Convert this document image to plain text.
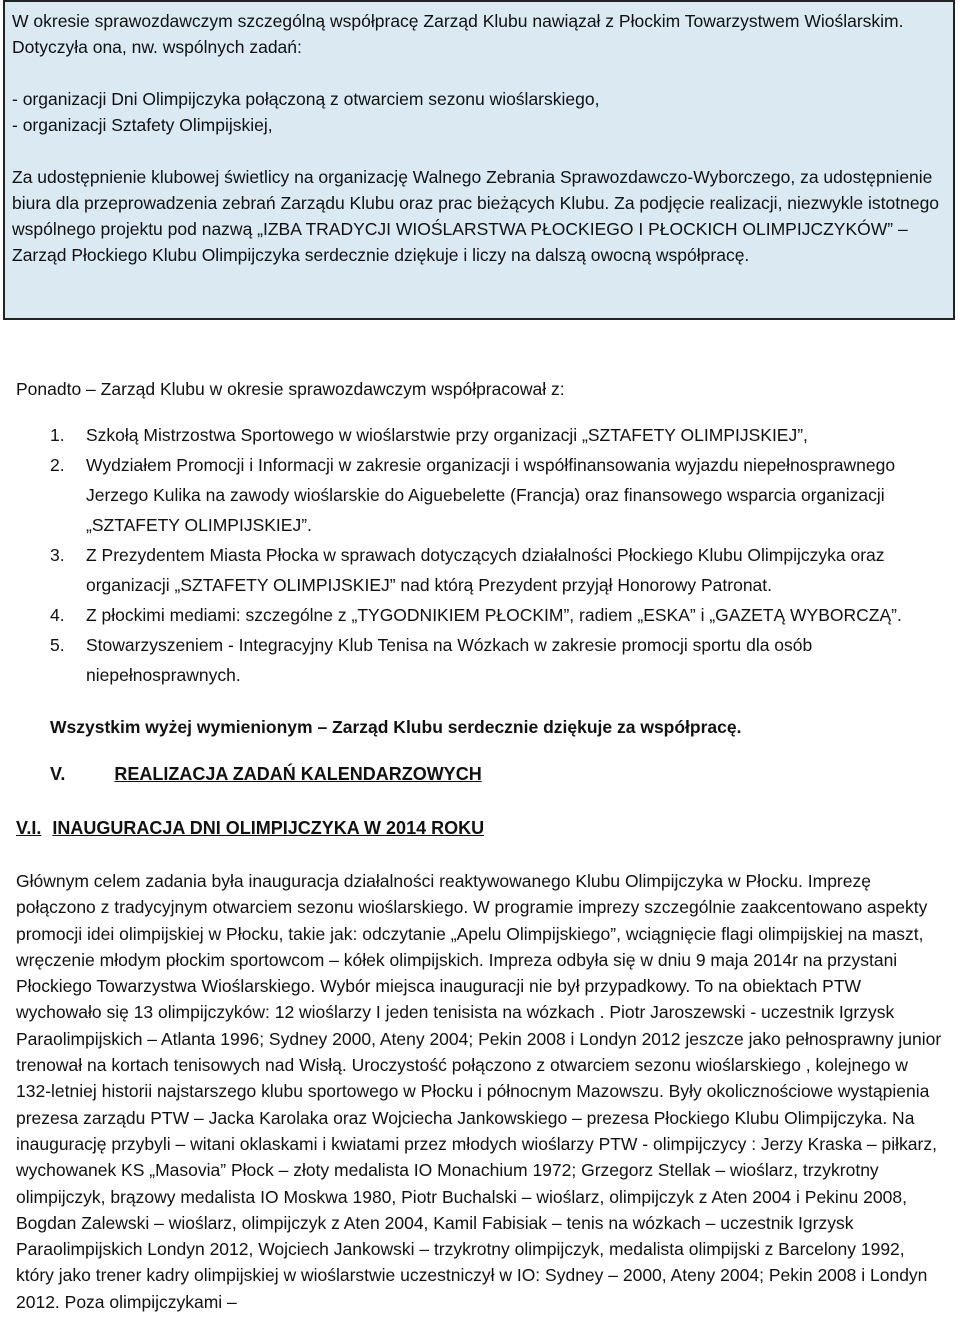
W okresie sprawozdawczym szczególną współpracę Zarząd Klubu nawiązał z Płockim Towarzystwem Wioślarskim. Dotyczyła ona, nw. wspólnych zadań:

- organizacji Dni Olimpijczyka połączoną z otwarciem sezonu wioślarskiego,

- organizacji Sztafety Olimpijskiej,

Za udostępnienie klubowej świetlicy na organizację Walnego Zebrania Sprawozdawczo-Wyborczego, za udostępnienie biura dla przeprowadzenia zebrań Zarządu Klubu oraz prac bieżących Klubu. Za podjęcie realizacji, niezwykle istotnego wspólnego projektu pod nazwą „IZBA TRADYCJI WIOŚLARSTWA PŁOCKIEGO I PŁOCKICH OLIMPIJCZYKÓW” – Zarząd Płockiego Klubu Olimpijczyka serdecznie dziękuje i liczy na dalszą owocną współpracę.

Ponadto – Zarząd Klubu w okresie sprawozdawczym współpracował z:

1.	Szkołą Mistrzostwa Sportowego w wioślarstwie przy organizacji „SZTAFETY OLIMPIJSKIEJ”,
2.	Wydziałem Promocji i Informacji w zakresie organizacji i współfinansowania wyjazdu niepełnosprawnego Jerzego Kulika na zawody wioślarskie do Aiguebelette (Francja) oraz finansowego wsparcia organizacji „SZTAFETY OLIMPIJSKIEJ”.
3.	Z Prezydentem Miasta Płocka w sprawach dotyczących działalności Płockiego Klubu Olimpijczyka oraz organizacji „SZTAFETY OLIMPIJSKIEJ” nad którą Prezydent przyjął Honorowy Patronat.
4.	Z płockimi mediami: szczególne z „TYGODNIKIEM PŁOCKIM”, radiem „ESKA” i „GAZETĄ WYBORCZĄ”.
5.	Stowarzyszeniem - Integracyjny Klub Tenisa na Wózkach w zakresie promocji sportu dla osób niepełnosprawnych.

Wszystkim wyżej wymienionym – Zarząd Klubu serdecznie dziękuje za współpracę.

V.	REALIZACJA ZADAŃ KALENDARZOWYCH
V.I. INAUGURACJA DNI OLIMPIJCZYKA W 2014 ROKU

Głównym celem zadania była inauguracja działalności reaktywowanego Klubu Olimpijczyka w Płocku. Imprezę połączono z tradycyjnym otwarciem sezonu wioślarskiego. W programie imprezy szczególnie zaakcentowano aspekty promocji idei olimpijskiej w Płocku, takie jak: odczytanie „Apelu Olimpijskiego”, wciągnięcie flagi olimpijskiej na maszt, wręczenie młodym płockim sportowcom – kółek olimpijskich. Impreza odbyła się w dniu 9 maja 2014r na przystani Płockiego Towarzystwa Wioślarskiego. Wybór miejsca inauguracji nie był przypadkowy. To na obiektach PTW wychowało się 13 olimpijczyków: 12 wioślarzy I jeden tenisista na wózkach . Piotr Jaroszewski - uczestnik Igrzysk Paraolimpijskich – Atlanta 1996; Sydney 2000, Ateny 2004; Pekin 2008 i Londyn 2012 jeszcze jako pełnosprawny junior trenował na kortach tenisowych nad Wisłą. Uroczystość połączono z otwarciem sezonu wioślarskiego , kolejnego w 132-letniej historii najstarszego klubu sportowego w Płocku i północnym Mazowszu. Były okolicznościowe wystąpienia prezesa zarządu PTW – Jacka Karolaka oraz Wojciecha Jankowskiego – prezesa Płockiego Klubu Olimpijczyka. Na inaugurację przybyli – witani oklaskami i kwiatami przez młodych wioślarzy PTW - olimpijczycy : Jerzy Kraska – piłkarz, wychowanek KS „Masovia” Płock – złoty medalista IO Monachium 1972; Grzegorz Stellak – wioślarz, trzykrotny olimpijczyk, brązowy medalista IO Moskwa 1980, Piotr Buchalski – wioślarz, olimpijczyk z Aten 2004 i Pekinu 2008, Bogdan Zalewski – wioślarz, olimpijczyk z Aten 2004, Kamil Fabisiak – tenis na wózkach – uczestnik Igrzysk Paraolimpijskich Londyn 2012, Wojciech Jankowski – trzykrotny olimpijczyk, medalista olimpijski z Barcelony 1992, który jako trener kadry olimpijskiej w wioślarstwie uczestniczył w IO: Sydney – 2000, Ateny 2004; Pekin 2008 i Londyn 2012. Poza olimpijczykami –
